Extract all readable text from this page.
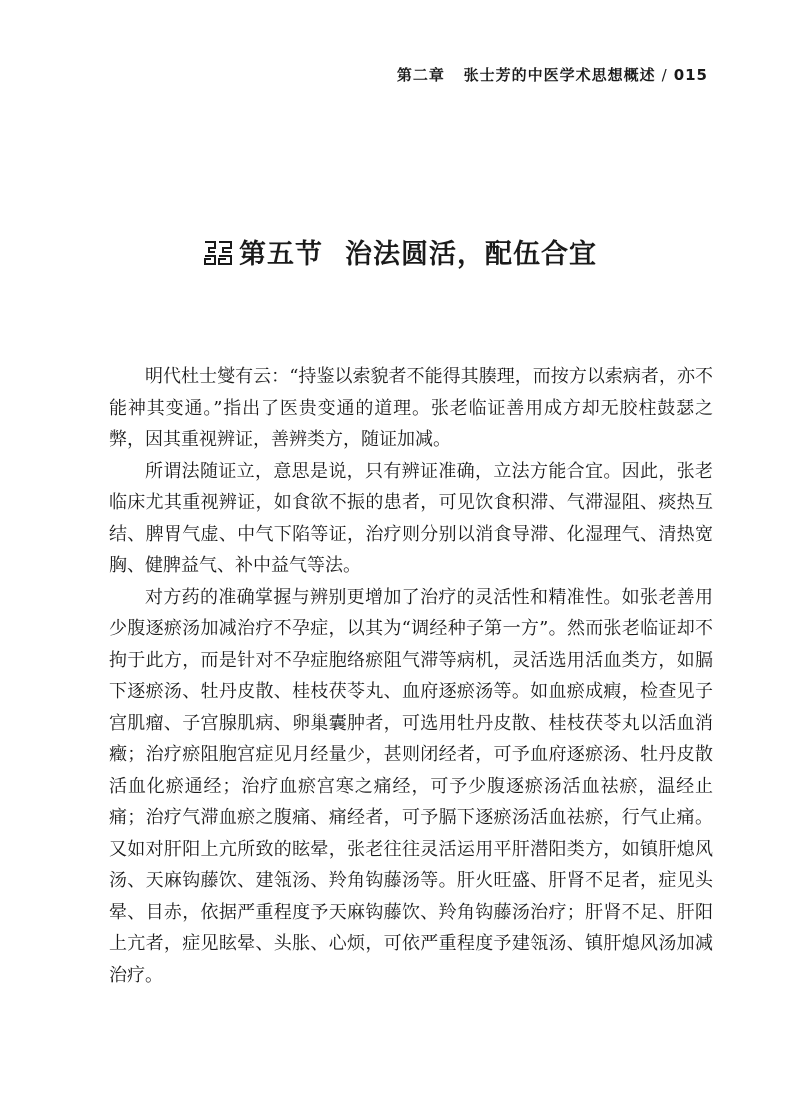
第二章 张士芳的中医学术思想概述 / 015
第五节 治法圆活，配伍合宜

明代杜士燮有云：“持鉴以索貌者不能得其腠理，而按方以索病者，亦不能神其变通。”指出了医贵变通的道理。张老临证善用成方却无胶柱鼓瑟之弊，因其重视辨证，善辨类方，随证加减。

所谓法随证立，意思是说，只有辨证准确，立法方能合宜。因此，张老临床尤其重视辨证，如食欲不振的患者，可见饮食积滞、气滞湿阻、痰热互结、脾胃气虚、中气下陷等证，治疗则分别以消食导滞、化湿理气、清热宽胸、健脾益气、补中益气等法。

对方药的准确掌握与辨别更增加了治疗的灵活性和精准性。如张老善用少腹逐瘀汤加减治疗不孕症，以其为“调经种子第一方”。然而张老临证却不拘于此方，而是针对不孕症胞络瘀阻气滞等病机，灵活选用活血类方，如膈下逐瘀汤、牡丹皮散、桂枝茯苓丸、血府逐瘀汤等。如血瘀成瘕，检查见子宫肌瘤、子宫腺肌病、卵巢囊肿者，可选用牡丹皮散、桂枝茯苓丸以活血消癥；治疗瘀阻胞宫症见月经量少，甚则闭经者，可予血府逐瘀汤、牡丹皮散活血化瘀通经；治疗血瘀宫寒之痛经，可予少腹逐瘀汤活血祛瘀，温经止痛；治疗气滞血瘀之腹痛、痛经者，可予膈下逐瘀汤活血祛瘀，行气止痛。又如对肝阳上亢所致的眩晕，张老往往灵活运用平肝潜阳类方，如镇肝熄风汤、天麻钩藤饮、建瓴汤、羚角钩藤汤等。肝火旺盛、肝肾不足者，症见头晕、目赤，依据严重程度予天麻钩藤饮、羚角钩藤汤治疗；肝肾不足、肝阳上亢者，症见眩晕、头胀、心烦，可依严重程度予建瓴汤、镇肝熄风汤加减治疗。
